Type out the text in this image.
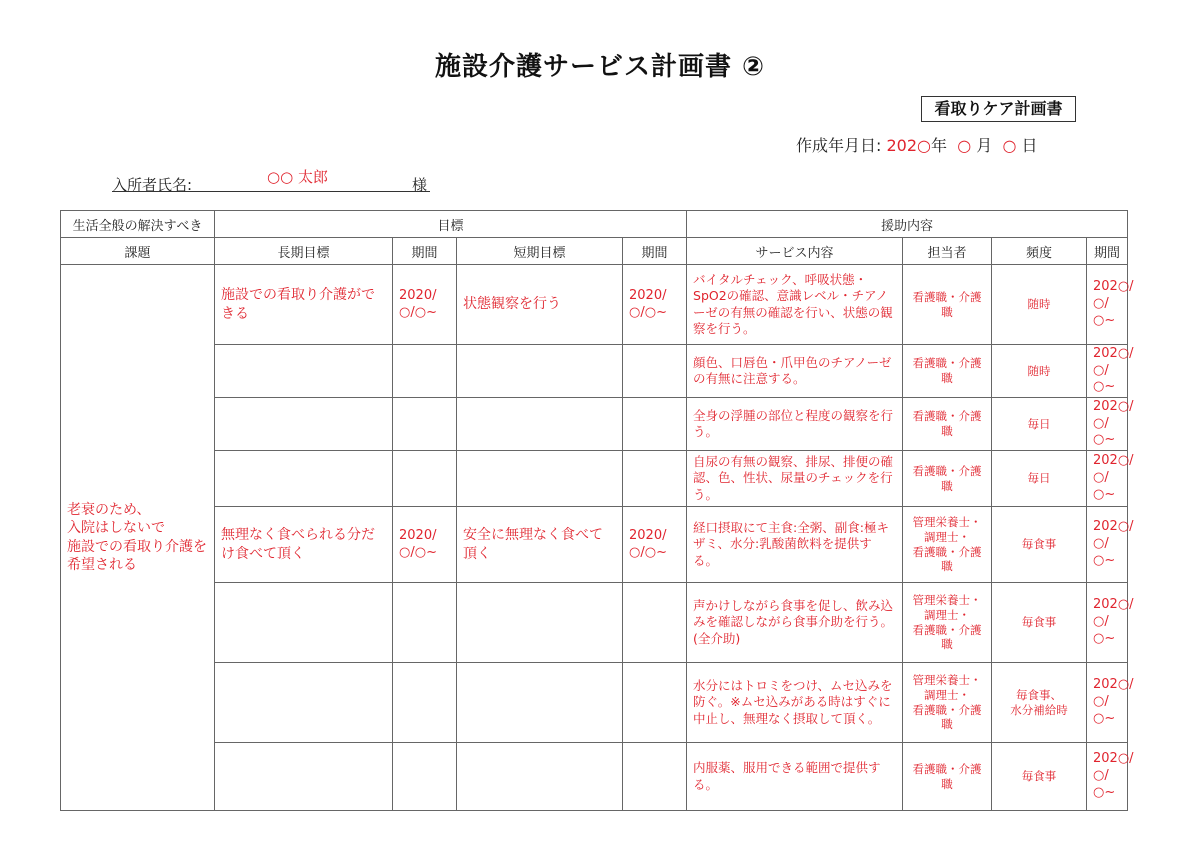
施設介護サービス計画書 ②
看取りケア計画書
作成年月日: 202○年 ○ 月 ○ 日
入所者氏名:	○○ 太郎	様
生活全般の解決すべき	目標				援助内容			
課題	長期目標	期間	短期目標	期間	サービス内容	担当者	頻度	期間
老衰のため、
入院はしないで
施設での看取り介護を希望される	施設での看取り介護ができる	2020/ ○/○~	状態観察を行う	2020/ ○/○~	バイタルチェック、呼吸状態・SpO2の確認、意識レベル・チアノーゼの有無の確認を行い、状態の観察を行う。	看護職・介護職	随時	202○/ ○/○~
					顔色、口唇色・爪甲色のチアノーゼの有無に注意する。	看護職・介護職	随時	202○/ ○/○~
					全身の浮腫の部位と程度の観察を行う。	看護職・介護職	毎日	202○/ ○/○~
					自尿の有無の観察、排尿、排便の確認、色、性状、尿量のチェックを行う。	看護職・介護職	毎日	202○/ ○/○~
	無理なく食べられる分だけ食べて頂く	2020/ ○/○~	安全に無理なく食べて頂く	2020/ ○/○~	経口摂取にて主食:全粥、副食:極キザミ、水分:乳酸菌飲料を提供する。	管理栄養士・
調理士・
看護職・介護職	毎食事	202○/ ○/○~
					声かけしながら食事を促し、飲み込みを確認しながら食事介助を行う。(全介助)	管理栄養士・
調理士・
看護職・介護職	毎食事	202○/ ○/○~
					水分にはトロミをつけ、ムセ込みを防ぐ。※ムセ込みがある時はすぐに中止し、無理なく摂取して頂く。	管理栄養士・
調理士・
看護職・介護職	毎食事、
水分補給時	202○/ ○/○~
					内服薬、服用できる範囲で提供する。	看護職・介護職	毎食事	202○/ ○/○~
